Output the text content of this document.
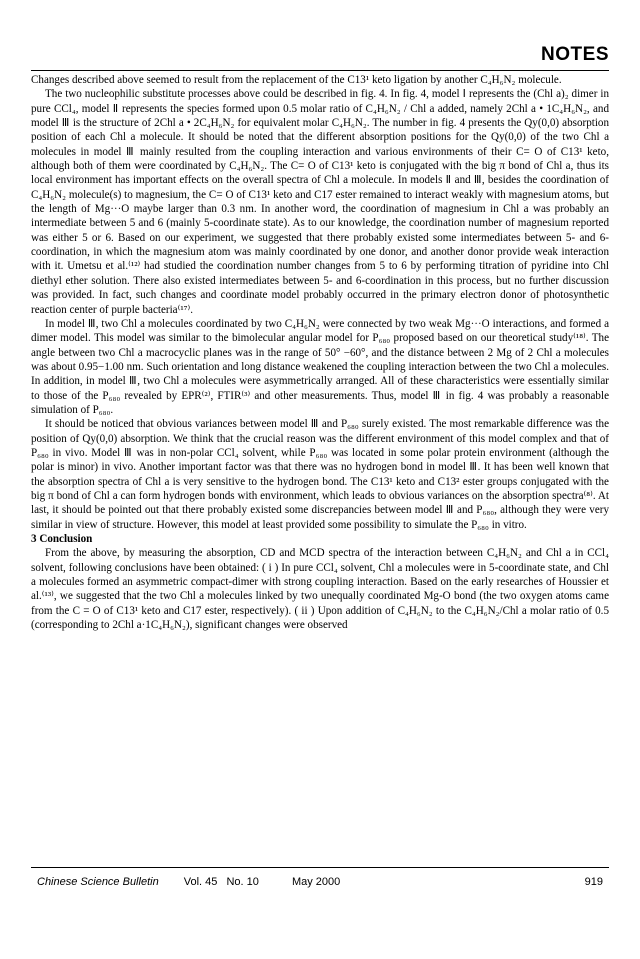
NOTES

Changes described above seemed to result from the replacement of the C13¹ keto ligation by another C₄H₆N₂ molecule.

The two nucleophilic substitute processes above could be described in fig. 4. In fig. 4, model Ⅰ represents the (Chl a)₂ dimer in pure CCl₄, model Ⅱ represents the species formed upon 0.5 molar ratio of C₄H₆N₂ / Chl a added, namely 2Chl a • 1C₄H₆N₂, and model Ⅲ is the structure of 2Chl a • 2C₄H₆N₂ for equivalent molar C₄H₆N₂. The number in fig. 4 presents the Qy(0,0) absorption position of each Chl a molecule. It should be noted that the different absorption positions for the Qy(0,0) of the two Chl a molecules in model Ⅲ mainly resulted from the coupling interaction and various environments of their C= O of C13¹ keto, although both of them were coordinated by C₄H₆N₂. The C= O of C13¹ keto is conjugated with the big π bond of Chl a, thus its local environment has important effects on the overall spectra of Chl a molecule. In models Ⅱ and Ⅲ, besides the coordination of C₄H₆N₂ molecule(s) to magnesium, the C= O of C13¹ keto and C17 ester remained to interact weakly with magnesium atoms, but the length of Mg···O maybe larger than 0.3 nm. In another word, the coordination of magnesium in Chl a was probably an intermediate between 5 and 6 (mainly 5-coordinate state). As to our knowledge, the coordination number of magnesium reported was either 5 or 6. Based on our experiment, we suggested that there probably existed some intermediates between 5- and 6-coordination, in which the magnesium atom was mainly coordinated by one donor, and another donor provide weak interaction with it. Umetsu et al.⁽¹²⁾ had studied the coordination number changes from 5 to 6 by performing titration of pyridine into Chl diethyl ether solution. There also existed intermediates between 5- and 6-coordination in this process, but no further discussion was provided. In fact, such changes and coordinate model probably occurred in the primary electron donor of photosynthetic reaction center of purple bacteria⁽¹⁷⁾.

In model Ⅲ, two Chl a molecules coordinated by two C₄H₆N₂ were connected by two weak Mg···O interactions, and formed a dimer model. This model was similar to the bimolecular angular model for P₆₈₀ proposed based on our theoretical study⁽¹⁸⁾. The angle between two Chl a macrocyclic planes was in the range of 50° −60°, and the distance between 2 Mg of 2 Chl a molecules was about 0.95−1.00 nm. Such orientation and long distance weakened the coupling interaction between the two Chl a molecules. In addition, in model Ⅲ, two Chl a molecules were asymmetrically arranged. All of these characteristics were essentially similar to those of the P₆₈₀ revealed by EPR⁽²⁾, FTIR⁽³⁾ and other measurements. Thus, model Ⅲ in fig. 4 was probably a reasonable simulation of P₆₈₀.

It should be noticed that obvious variances between model Ⅲ and P₆₈₀ surely existed. The most remarkable difference was the position of Qy(0,0) absorption. We think that the crucial reason was the different environment of this model complex and that of P₆₈₀ in vivo. Model Ⅲ was in non-polar CCl₄ solvent, while P₆₈₀ was located in some polar protein environment (although the polar is minor) in vivo. Another important factor was that there was no hydrogen bond in model Ⅲ. It has been well known that the absorption spectra of Chl a is very sensitive to the hydrogen bond. The C13¹ keto and C13² ester groups conjugated with the big π bond of Chl a can form hydrogen bonds with environment, which leads to obvious variances on the absorption spectra⁽⁸⁾. At last, it should be pointed out that there probably existed some discrepancies between model Ⅲ and P₆₈₀, although they were very similar in view of structure. However, this model at least provided some possibility to simulate the P₆₈₀ in vitro.

3 Conclusion

From the above, by measuring the absorption, CD and MCD spectra of the interaction between C₄H₆N₂ and Chl a in CCl₄ solvent, following conclusions have been obtained: ( i ) In pure CCl₄ solvent, Chl a molecules were in 5-coordinate state, and Chl a molecules formed an asymmetric compact-dimer with strong coupling interaction. Based on the early researches of Houssier et al.⁽¹³⁾, we suggested that the two Chl a molecules linked by two unequally coordinated Mg-O bond (the two oxygen atoms came from the C = O of C13¹ keto and C17 ester, respectively). ( ii ) Upon addition of C₄H₆N₂ to the C₄H₆N₂/Chl a molar ratio of 0.5 (corresponding to 2Chl a·1C₄H₆N₂), significant changes were observed

Chinese Science Bulletin Vol. 45 No. 10	May 2000	919
